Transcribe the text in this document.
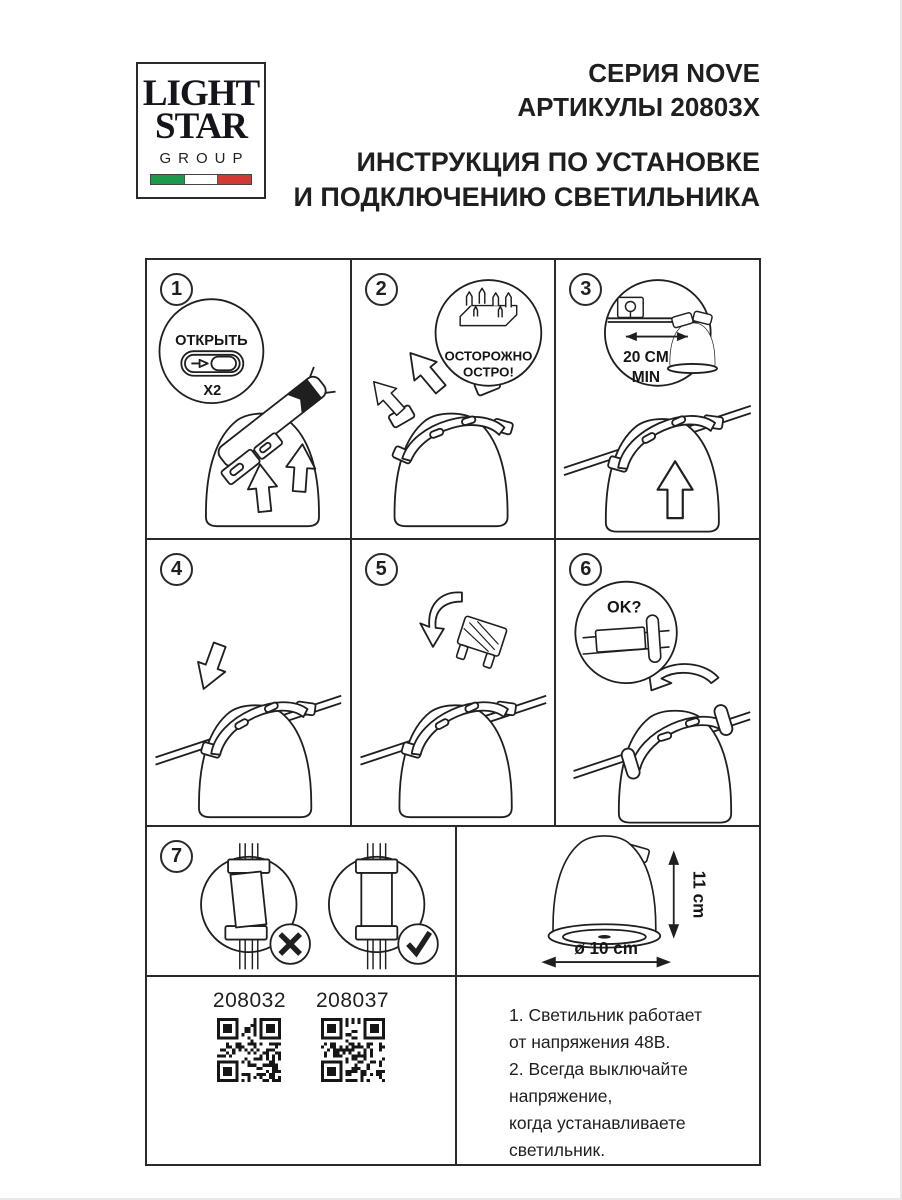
LIGHT
STAR
GROUP
СЕРИЯ NOVE
АРТИКУЛЫ 20803X
ИНСТРУКЦИЯ ПО УСТАНОВКЕ
И ПОДКЛЮЧЕНИЮ СВЕТИЛЬНИКА
1
ОТКРЫТЬ
X2
2
ОСТОРОЖНО
ОСТРО!
3
20 CM
MIN
4	5	6
OK?
7
11 cm
ø 10 cm
208032 208037
1. Светильник работает
от напряжения 48В.
2. Всегда выключайте напряжение,
когда устанавливаете светильник.
